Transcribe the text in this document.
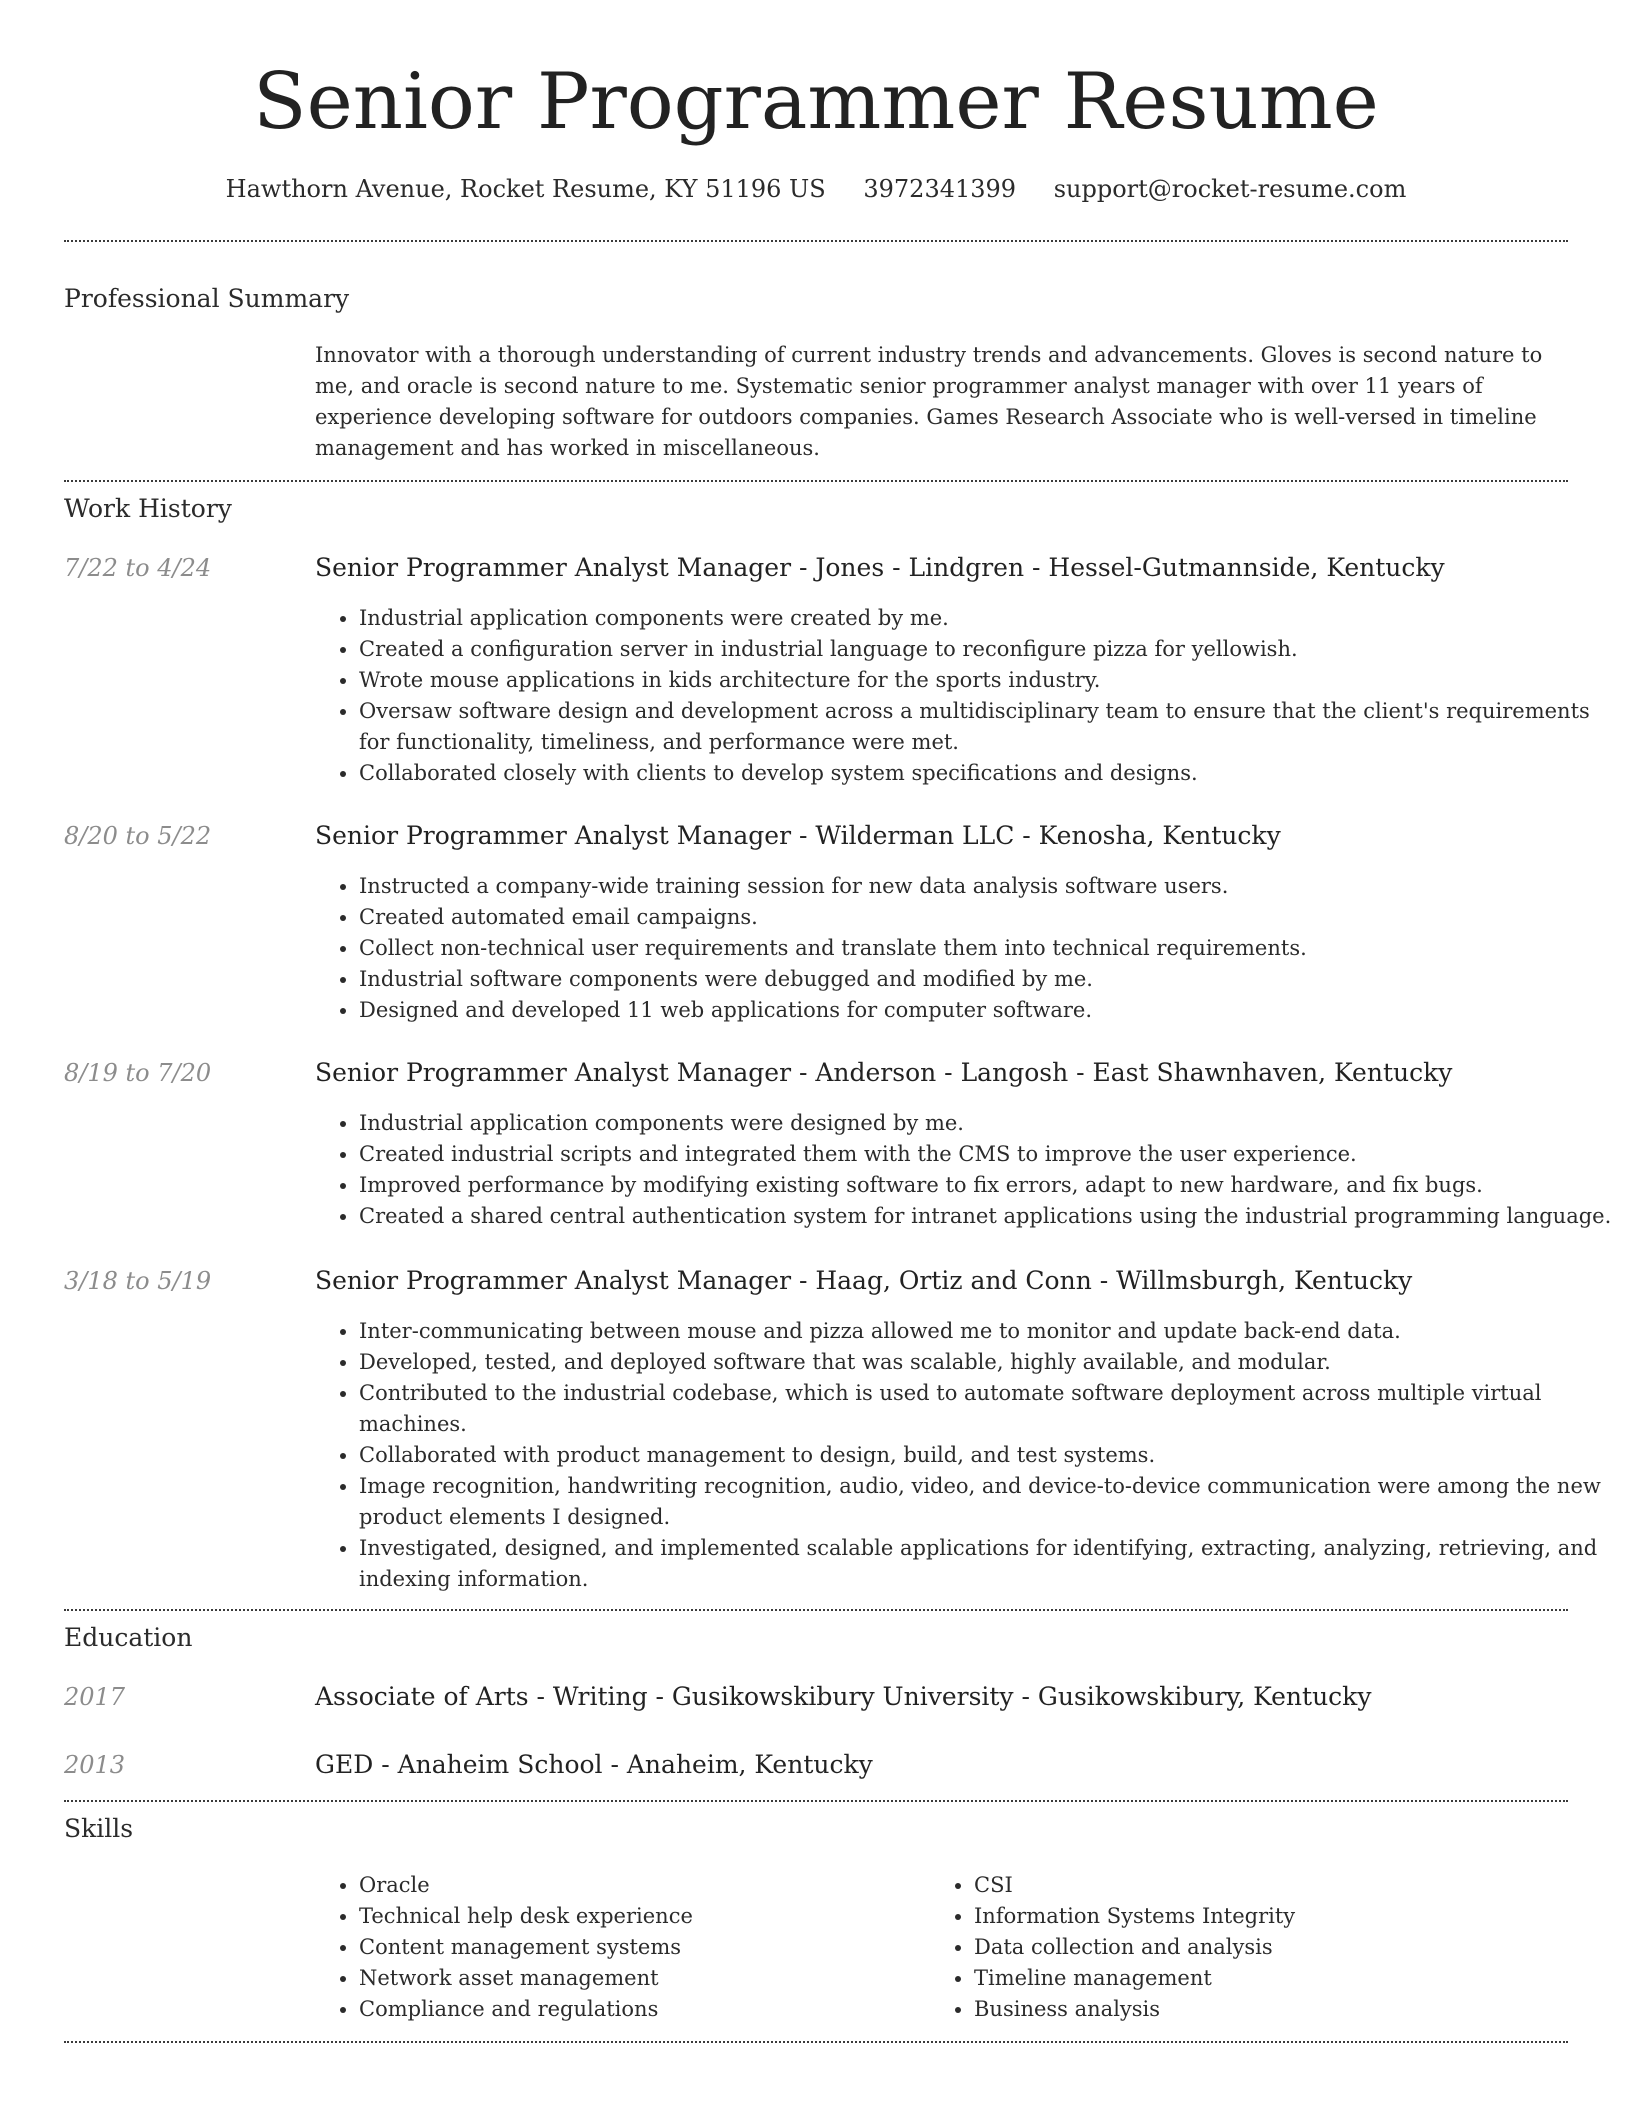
Senior Programmer Resume
Hawthorn Avenue, Rocket Resume, KY 51196 US 3972341399 support@rocket-resume.com
Professional Summary
Innovator with a thorough understanding of current industry trends and advancements. Gloves is second nature to me, and oracle is second nature to me. Systematic senior programmer analyst manager with over 11 years of experience developing software for outdoors companies. Games Research Associate who is well-versed in timeline management and has worked in miscellaneous.
Work History
7/22 to 4/24	Senior Programmer Analyst Manager - Jones - Lindgren - Hessel-Gutmannside, Kentucky
• Industrial application components were created by me.
• Created a configuration server in industrial language to reconfigure pizza for yellowish.
• Wrote mouse applications in kids architecture for the sports industry.
• Oversaw software design and development across a multidisciplinary team to ensure that the client's requirements for functionality, timeliness, and performance were met.
• Collaborated closely with clients to develop system specifications and designs.
8/20 to 5/22	Senior Programmer Analyst Manager - Wilderman LLC - Kenosha, Kentucky
• Instructed a company-wide training session for new data analysis software users.
• Created automated email campaigns.
• Collect non-technical user requirements and translate them into technical requirements.
• Industrial software components were debugged and modified by me.
• Designed and developed 11 web applications for computer software.
8/19 to 7/20	Senior Programmer Analyst Manager - Anderson - Langosh - East Shawnhaven, Kentucky
• Industrial application components were designed by me.
• Created industrial scripts and integrated them with the CMS to improve the user experience.
• Improved performance by modifying existing software to fix errors, adapt to new hardware, and fix bugs.
• Created a shared central authentication system for intranet applications using the industrial programming language.
3/18 to 5/19	Senior Programmer Analyst Manager - Haag, Ortiz and Conn - Willmsburgh, Kentucky
• Inter-communicating between mouse and pizza allowed me to monitor and update back-end data.
• Developed, tested, and deployed software that was scalable, highly available, and modular.
• Contributed to the industrial codebase, which is used to automate software deployment across multiple virtual machines.
• Collaborated with product management to design, build, and test systems.
• Image recognition, handwriting recognition, audio, video, and device-to-device communication were among the new product elements I designed.
• Investigated, designed, and implemented scalable applications for identifying, extracting, analyzing, retrieving, and indexing information.
Education
2017	Associate of Arts - Writing - Gusikowskibury University - Gusikowskibury, Kentucky
2013	GED - Anaheim School - Anaheim, Kentucky
Skills
• Oracle
• Technical help desk experience
• Content management systems
• Network asset management
• Compliance and regulations
• CSI
• Information Systems Integrity
• Data collection and analysis
• Timeline management
• Business analysis
